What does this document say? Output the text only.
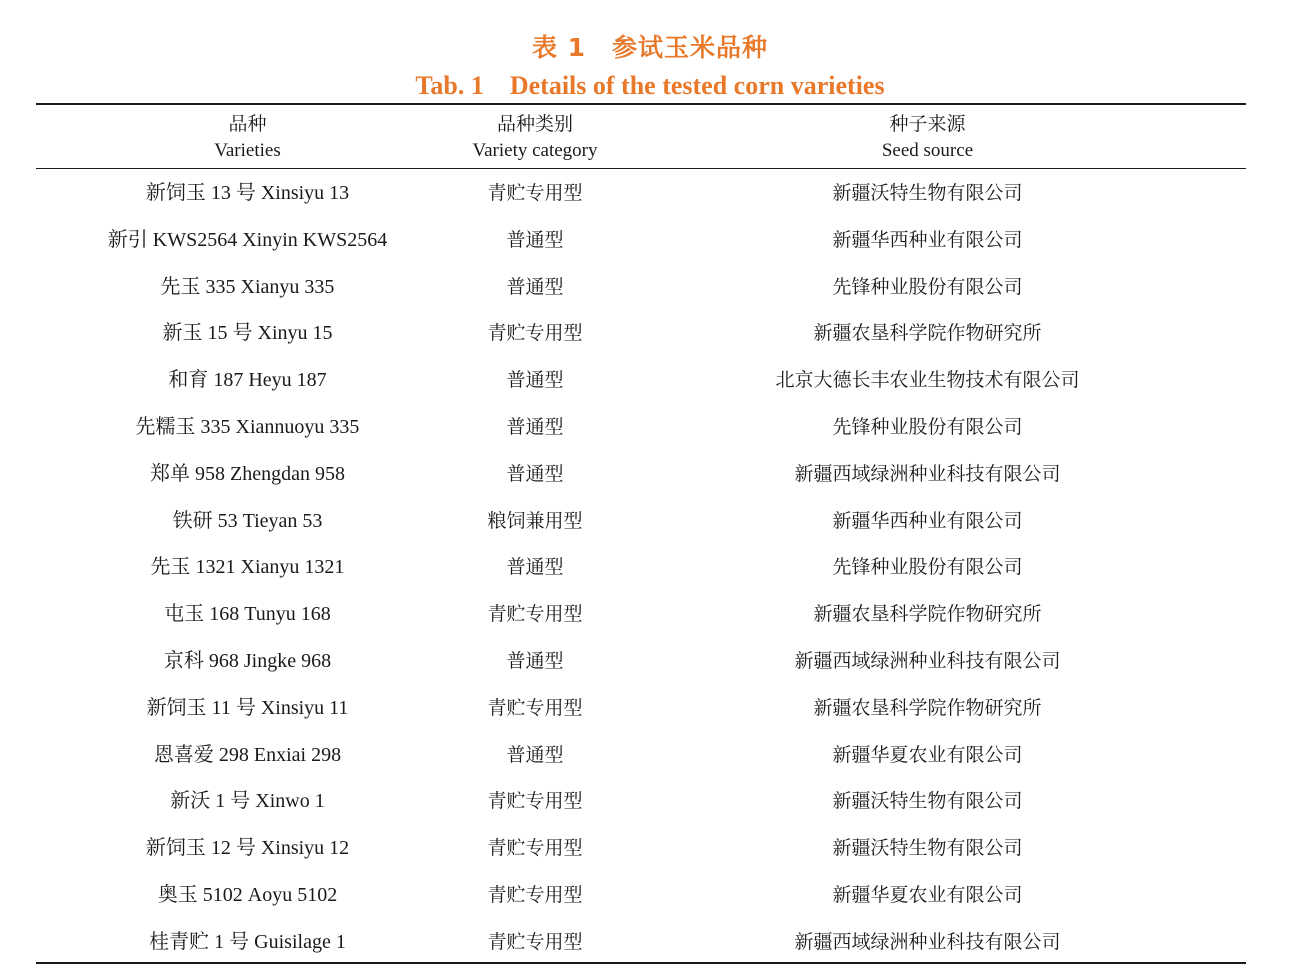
表 1 参试玉米品种
Tab. 1 Details of the tested corn varieties
品种	品种类别	种子来源
Varieties	Variety category	Seed source
新饲玉 13 号 Xinsiyu 13	青贮专用型	新疆沃特生物有限公司
新引 KWS2564 Xinyin KWS2564	普通型	新疆华西种业有限公司
先玉 335 Xianyu 335	普通型	先锋种业股份有限公司
新玉 15 号 Xinyu 15	青贮专用型	新疆农垦科学院作物研究所
和育 187 Heyu 187	普通型	北京大德长丰农业生物技术有限公司
先糯玉 335 Xiannuoyu 335	普通型	先锋种业股份有限公司
郑单 958 Zhengdan 958	普通型	新疆西域绿洲种业科技有限公司
铁研 53 Tieyan 53	粮饲兼用型	新疆华西种业有限公司
先玉 1321 Xianyu 1321	普通型	先锋种业股份有限公司
屯玉 168 Tunyu 168	青贮专用型	新疆农垦科学院作物研究所
京科 968 Jingke 968	普通型	新疆西域绿洲种业科技有限公司
新饲玉 11 号 Xinsiyu 11	青贮专用型	新疆农垦科学院作物研究所
恩喜爱 298 Enxiai 298	普通型	新疆华夏农业有限公司
新沃 1 号 Xinwo 1	青贮专用型	新疆沃特生物有限公司
新饲玉 12 号 Xinsiyu 12	青贮专用型	新疆沃特生物有限公司
奥玉 5102 Aoyu 5102	青贮专用型	新疆华夏农业有限公司
桂青贮 1 号 Guisilage 1	青贮专用型	新疆西域绿洲种业科技有限公司
